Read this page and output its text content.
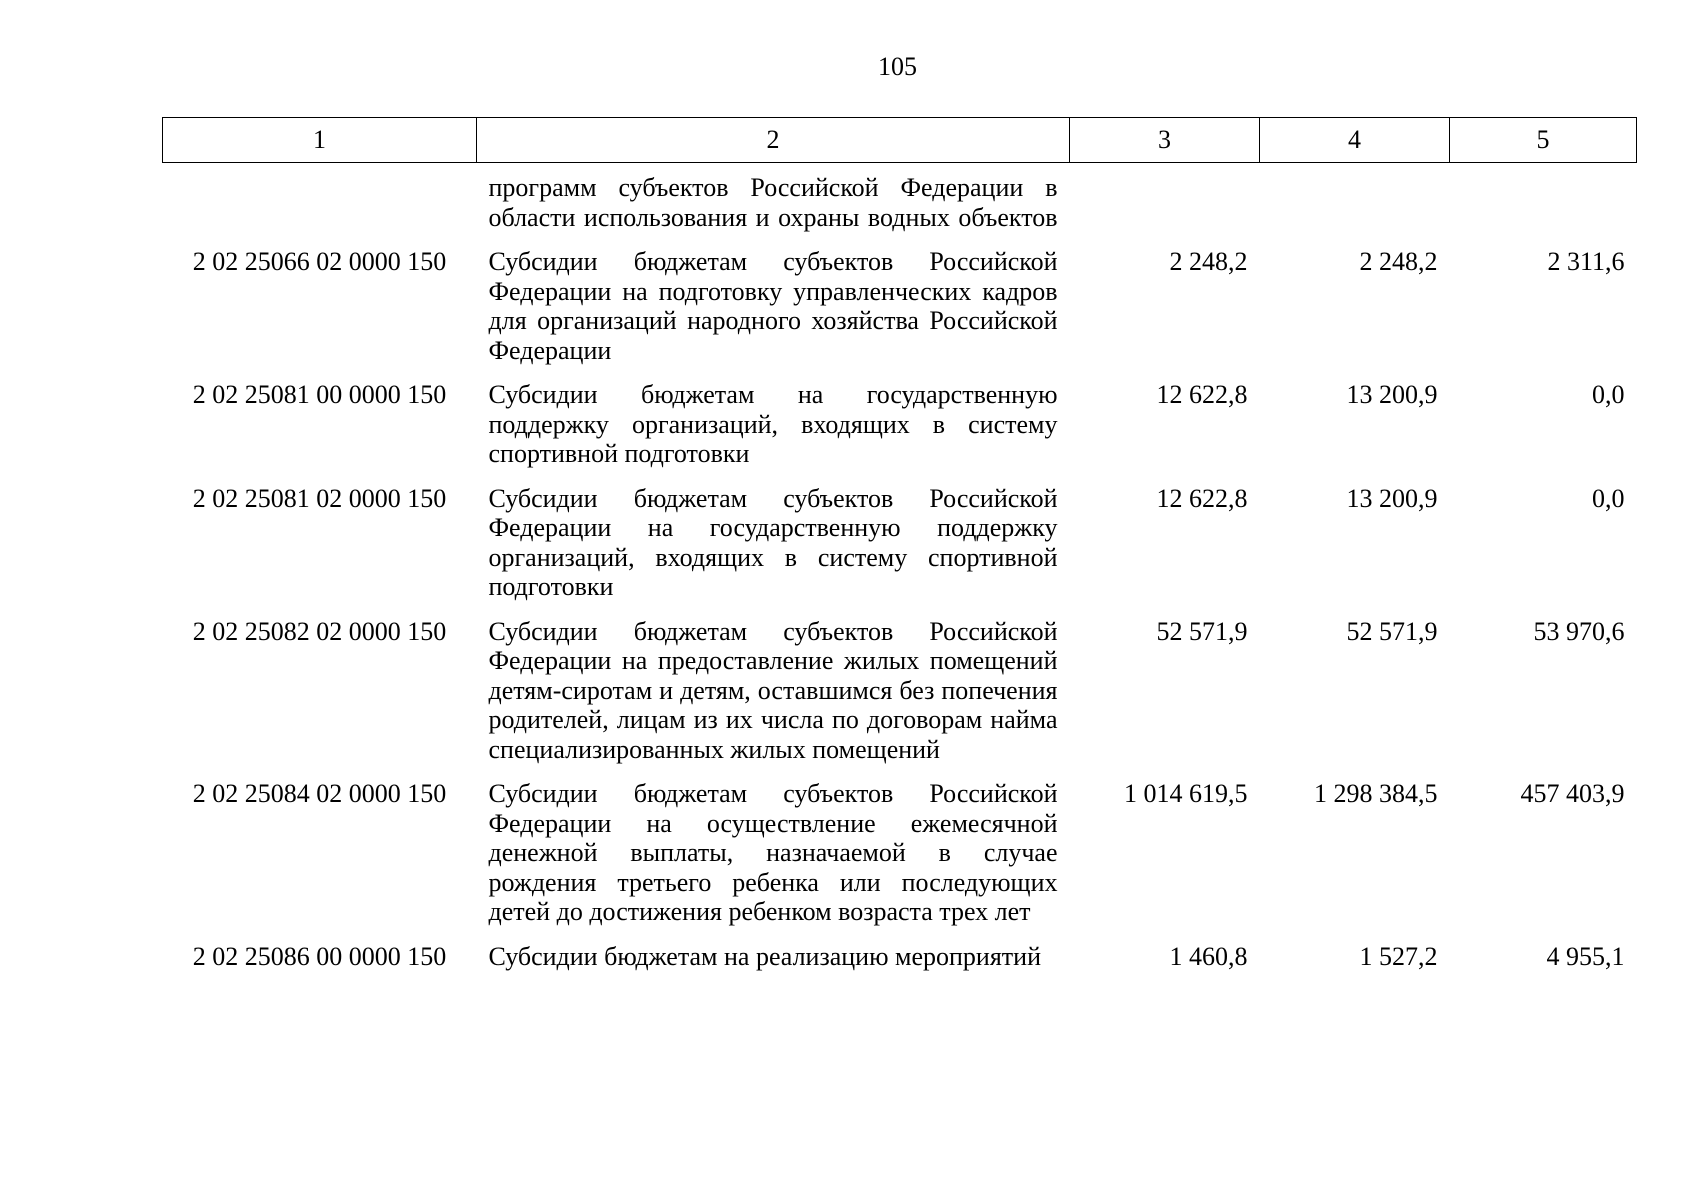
105
1	2	3	4	5
	программ субъектов Российской Федерации в области использования и охраны водных объектов			
2 02 25066 02 0000 150	Субсидии бюджетам субъектов Российской Федерации на подготовку управленческих кадров для организаций народного хозяйства Российской Федерации	2 248,2	2 248,2	2 311,6
2 02 25081 00 0000 150	Субсидии бюджетам на государственную поддержку организаций, входящих в систему спортивной подготовки	12 622,8	13 200,9	0,0
2 02 25081 02 0000 150	Субсидии бюджетам субъектов Российской Федерации на государственную поддержку организаций, входящих в систему спортивной подготовки	12 622,8	13 200,9	0,0
2 02 25082 02 0000 150	Субсидии бюджетам субъектов Российской Федерации на предоставление жилых помещений детям-сиротам и детям, оставшимся без попечения родителей, лицам из их числа по договорам найма специализированных жилых помещений	52 571,9	52 571,9	53 970,6
2 02 25084 02 0000 150	Субсидии бюджетам субъектов Российской Федерации на осуществление ежемесячной денежной выплаты, назначаемой в случае рождения третьего ребенка или последующих детей до достижения ребенком возраста трех лет	1 014 619,5	1 298 384,5	457 403,9
2 02 25086 00 0000 150	Субсидии бюджетам на реализацию мероприятий	1 460,8	1 527,2	4 955,1
